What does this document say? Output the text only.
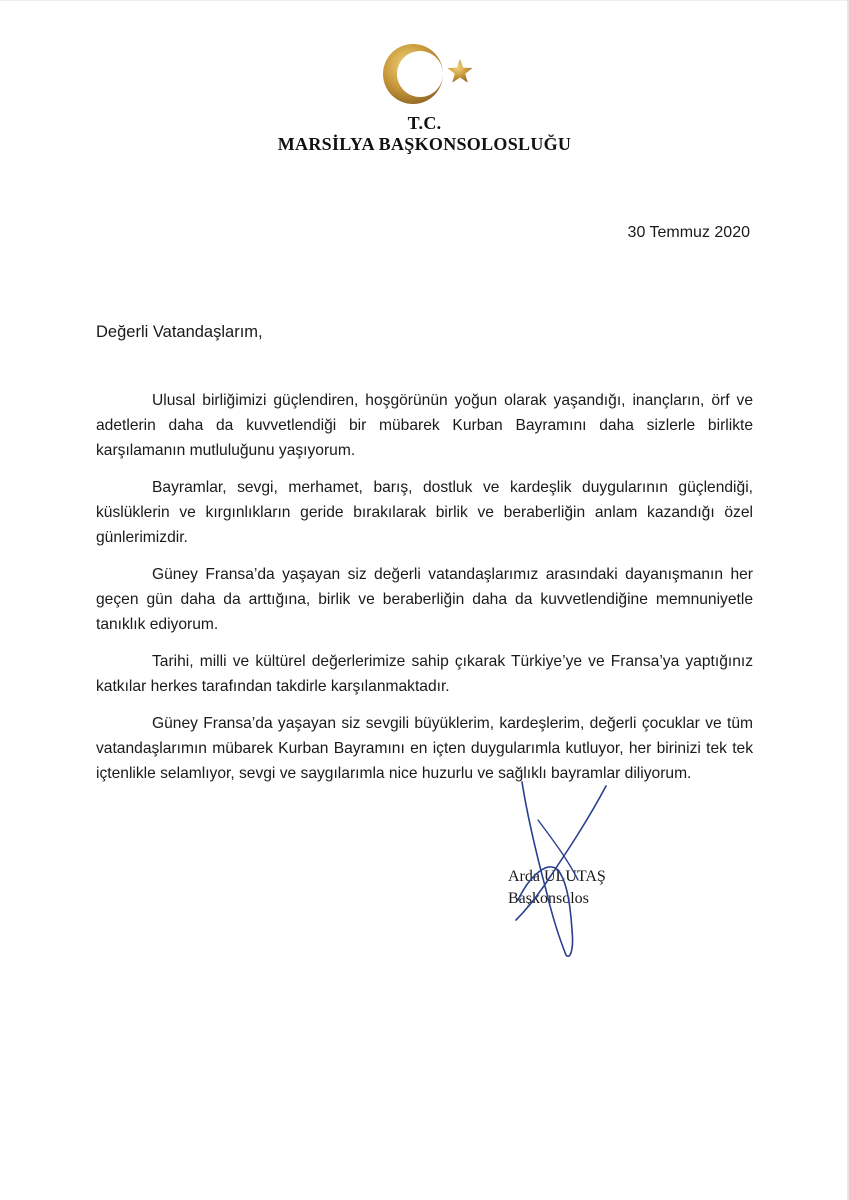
T.C.
MARSİLYA BAŞKONSOLOSLUĞU
30 Temmuz 2020
Değerli Vatandaşlarım,

Ulusal birliğimizi güçlendiren, hoşgörünün yoğun olarak yaşandığı, inançların, örf ve adetlerin daha da kuvvetlendiği bir mübarek Kurban Bayramını daha sizlerle birlikte karşılamanın mutluluğunu yaşıyorum.

Bayramlar, sevgi, merhamet, barış, dostluk ve kardeşlik duygularının güçlendiği, küslüklerin ve kırgınlıkların geride bırakılarak birlik ve beraberliğin anlam kazandığı özel günlerimizdir.

Güney Fransa’da yaşayan siz değerli vatandaşlarımız arasındaki dayanışmanın her geçen gün daha da arttığına, birlik ve beraberliğin daha da kuvvetlendiğine memnuniyetle tanıklık ediyorum.

Tarihi, milli ve kültürel değerlerimize sahip çıkarak Türkiye’ye ve Fransa’ya yaptığınız katkılar herkes tarafından takdirle karşılanmaktadır.

Güney Fransa’da yaşayan siz sevgili büyüklerim, kardeşlerim, değerli çocuklar ve tüm vatandaşlarımın mübarek Kurban Bayramını en içten duygularımla kutluyor, her birinizi tek tek içtenlikle selamlıyor, sevgi ve saygılarımla nice huzurlu ve sağlıklı bayramlar diliyorum.

Arda ULUTAŞ
Başkonsolos
